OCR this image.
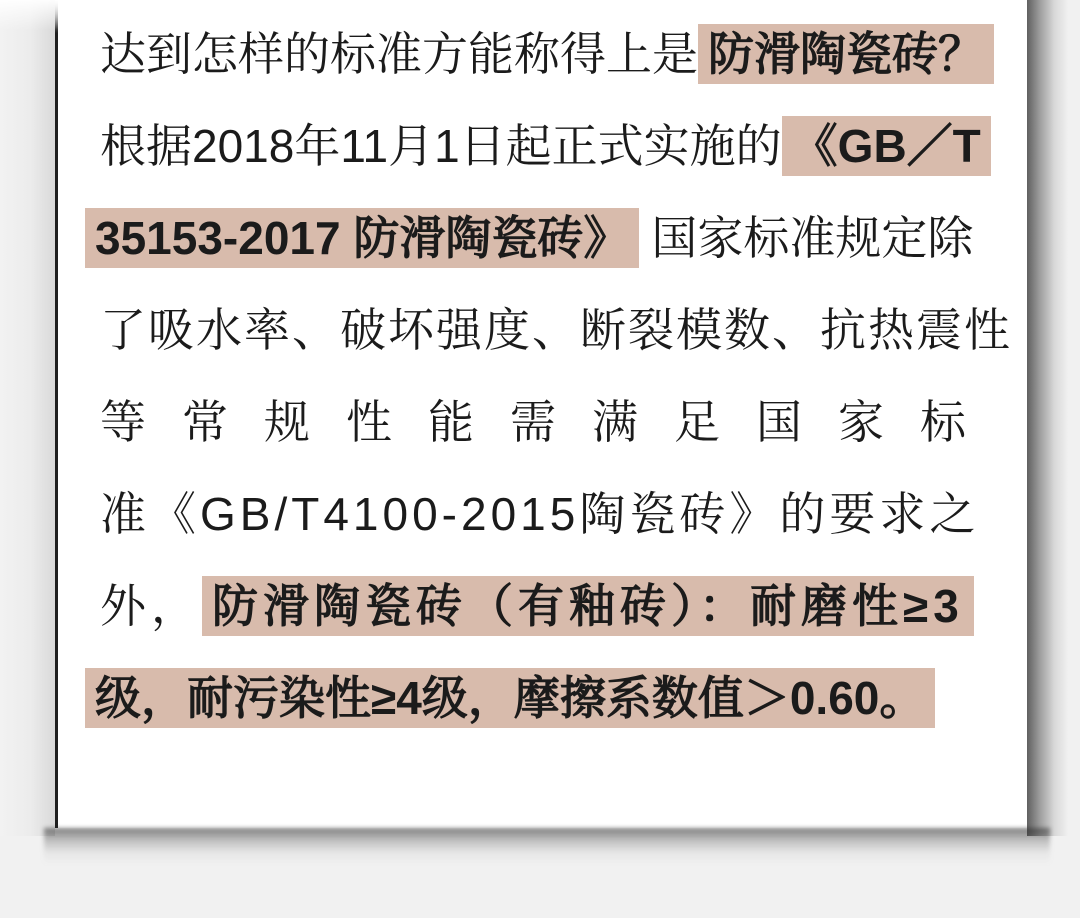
达到怎样的标准方能称得上是 防滑陶瓷砖？
根据2018年11月1日起正式实施的 《GB／T
35153-2017 防滑陶瓷砖》 国家标准规定除
了吸水率、破坏强度、断裂模数、抗热震性
等常规性能需满足国家标
准《GB/T4100-2015陶瓷砖》的要求之
外， 防滑陶瓷砖（有釉砖）：耐磨性≥3
级，耐污染性≥4级，摩擦系数值＞0.60。
